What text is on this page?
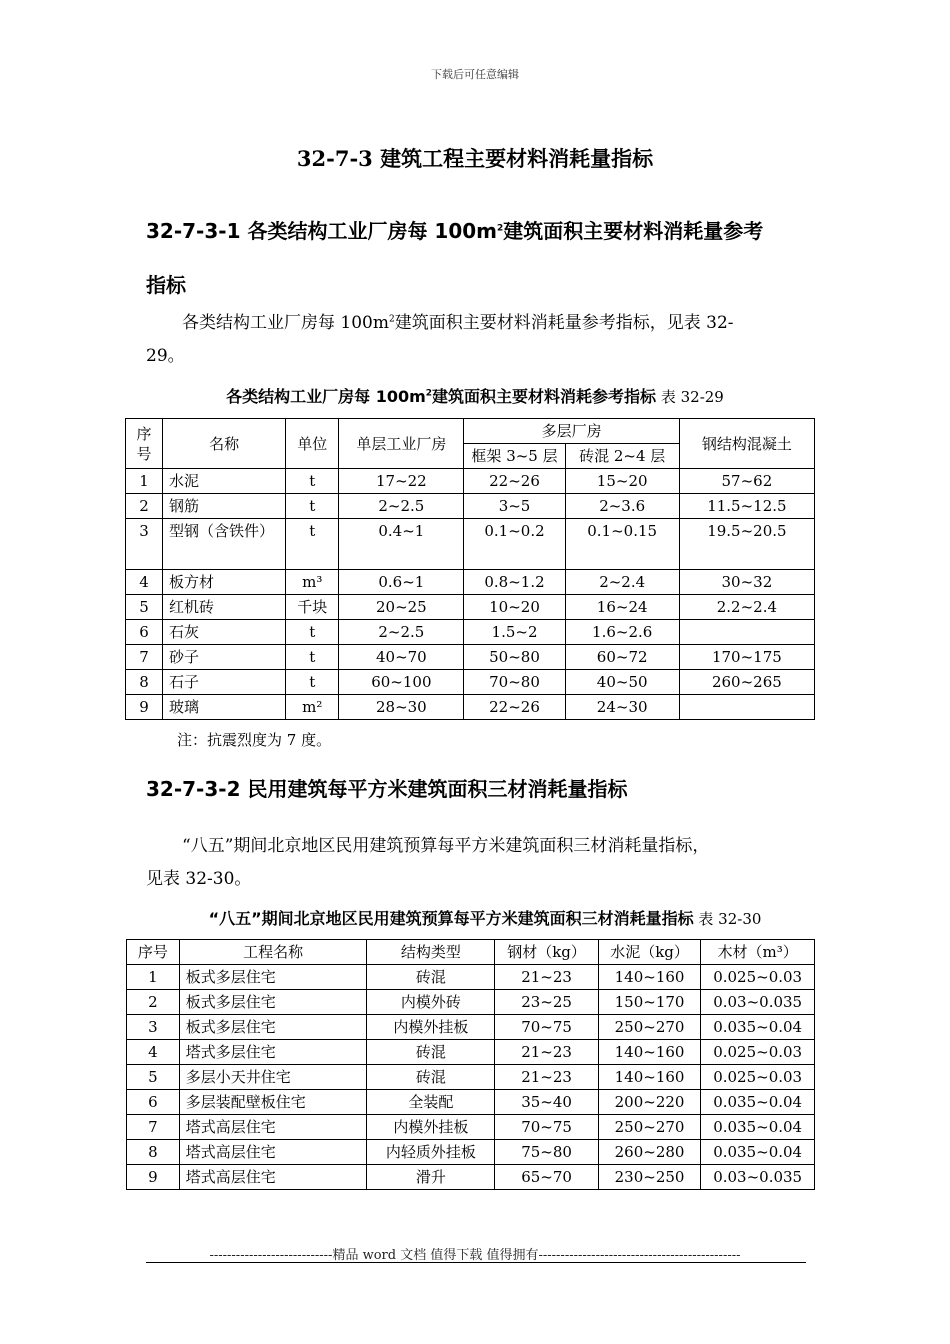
下载后可任意编辑
32-7-3 建筑工程主要材料消耗量指标
32-7-3-1 各类结构工业厂房每 $100m^2$建筑面积主要材料消耗量参考
指标
各类结构工业厂房每 $100m^2$建筑面积主要材料消耗量参考指标，见表 32-
29。
各类结构工业厂房每 $100m^2$建筑面积主要材料消耗参考指标 表 32-29
序
号	名称	单位	单层工业厂房	多层厂房		钢结构混凝土
				框架 3~5 层	砖混 2~4 层	
1	水泥	t	17~22	22~26	15~20	57~62
2	钢筋	t	2~2.5	3~5	2~3.6	11.5~12.5
3	型钢（含铁件）	t	0.4~1	0.1~0.2	0.1~0.15	19.5~20.5
4	板方材	m³	0.6~1	0.8~1.2	2~2.4	30~32
5	红机砖	千块	20~25	10~20	16~24	2.2~2.4
6	石灰	t	2~2.5	1.5~2	1.6~2.6	
7	砂子	t	40~70	50~80	60~72	170~175
8	石子	t	60~100	70~80	40~50	260~265
9	玻璃	m²	28~30	22~26	24~30	
注：抗震烈度为 7 度。
32-7-3-2 民用建筑每平方米建筑面积三材消耗量指标
“八五”期间北京地区民用建筑预算每平方米建筑面积三材消耗量指标，
见表 32-30。
“八五”期间北京地区民用建筑预算每平方米建筑面积三材消耗量指标 表 32-30
序号	工程名称	结构类型	钢材（kg）	水泥（kg）	木材（m³）
1	板式多层住宅	砖混	21~23	140~160	0.025~0.03
2	板式多层住宅	内模外砖	23~25	150~170	0.03~0.035
3	板式多层住宅	内模外挂板	70~75	250~270	0.035~0.04
4	塔式多层住宅	砖混	21~23	140~160	0.025~0.03
5	多层小天井住宅	砖混	21~23	140~160	0.025~0.03
6	多层装配壁板住宅	全装配	35~40	200~220	0.035~0.04
7	塔式高层住宅	内模外挂板	70~75	250~270	0.035~0.04
8	塔式高层住宅	内轻质外挂板	75~80	260~280	0.035~0.04
9	塔式高层住宅	滑升	65~70	230~250	0.03~0.035
----------------------------精品 word 文档 值得下载 值得拥有----------------------------------------------
